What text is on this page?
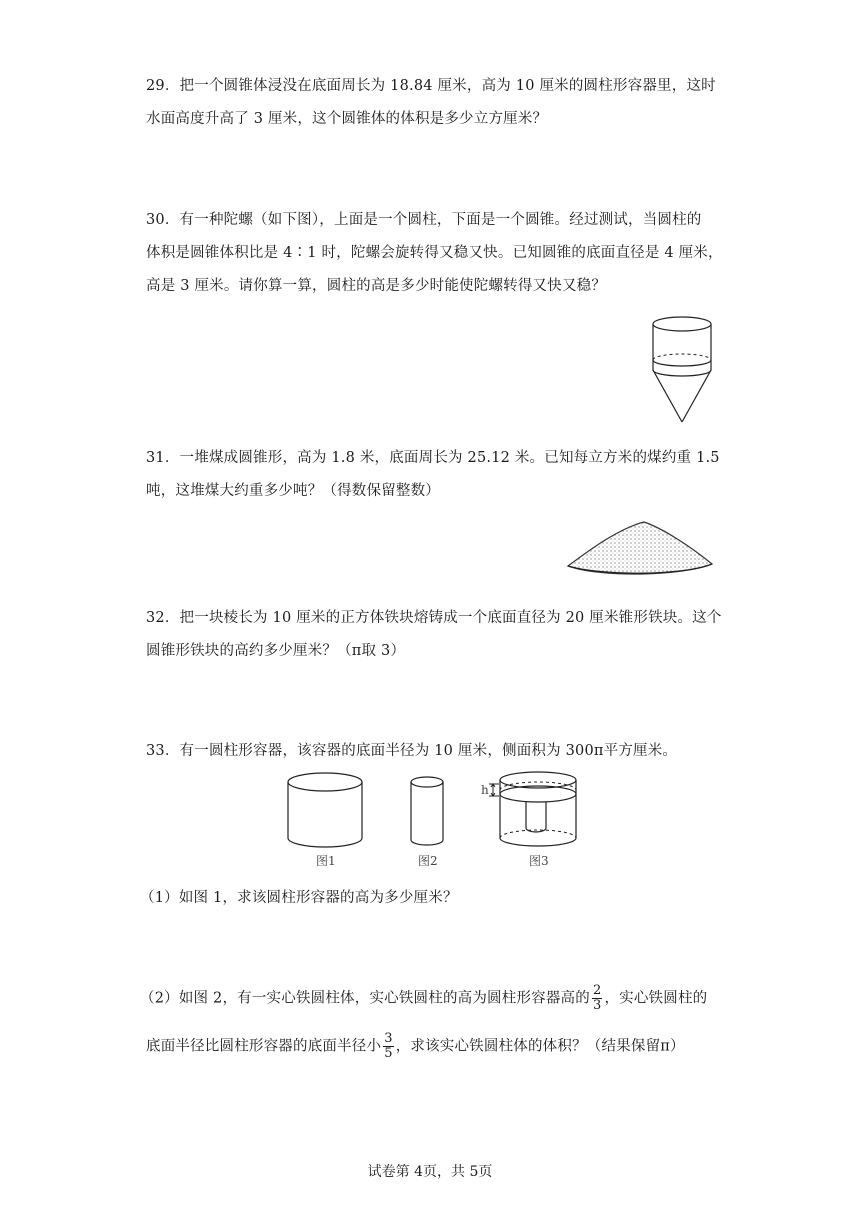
29．把一个圆锥体浸没在底面周长为 18.84 厘米，高为 10 厘米的圆柱形容器里，这时
水面高度升高了 3 厘米，这个圆锥体的体积是多少立方厘米？
30．有一种陀螺（如下图），上面是一个圆柱，下面是一个圆锥。经过测试，当圆柱的
体积是圆锥体积比是 4∶1 时，陀螺会旋转得又稳又快。已知圆锥的底面直径是 4 厘米，
高是 3 厘米。请你算一算，圆柱的高是多少时能使陀螺转得又快又稳？
31．一堆煤成圆锥形，高为 1.8 米，底面周长为 25.12 米。已知每立方米的煤约重 1.5
吨，这堆煤大约重多少吨？（得数保留整数）
32．把一块棱长为 10 厘米的正方体铁块熔铸成一个底面直径为 20 厘米锥形铁块。这个
圆锥形铁块的高约多少厘米？（π取 3）
33．有一圆柱形容器，该容器的底面半径为 10 厘米，侧面积为 300π平方厘米。
h
图1	图2	图3
（1）如图 1，求该圆柱形容器的高为多少厘米？
（2）如图 2，有一实心铁圆柱体，实心铁圆柱的高为圆柱形容器高的 $\frac{2}{3}$ ，实心铁圆柱的
底面半径比圆柱形容器的底面半径小 $\frac{3}{5}$ ，求该实心铁圆柱体的体积？（结果保留π）
试卷第 4页，共 5页
